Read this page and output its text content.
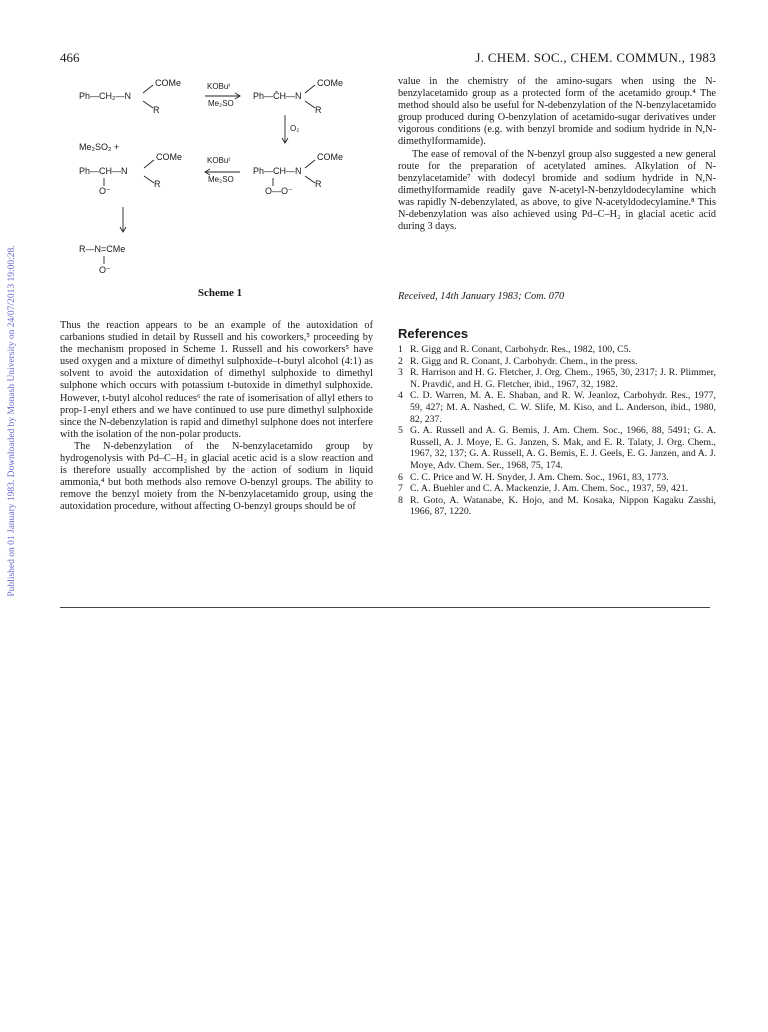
466	J. CHEM. SOC., CHEM. COMMUN., 1983
Published on 01 January 1983. Downloaded by Monash University on 24/07/2013 19:00:28.
COMe
Ph—CH₂—N
R
KOBuᵗ
Me₂SO
COMe
Ph—C̄H—N
R
O₂
Me₂SO₂ +
COMe
Ph—CH—N
R
O⁻
KOBuᵗ
Me₂SO
COMe
Ph—CH—N
R
O—O⁻
R—N=CMe
O⁻
Scheme 1

Thus the reaction appears to be an example of the autoxidation of carbanions studied in detail by Russell and his coworkers,⁵ proceeding by the mechanism proposed in Scheme 1. Russell and his coworkers⁵ have used oxygen and a mixture of dimethyl sulphoxide–t-butyl alcohol (4:1) as solvent to avoid the autoxidation of dimethyl sulphoxide to dimethyl sulphone which occurs with potassium t-butoxide in dimethyl sulphoxide. However, t-butyl alcohol reduces⁶ the rate of isomerisation of allyl ethers to prop-1-enyl ethers and we have continued to use pure dimethyl sulphoxide since the N-debenzylation is rapid and dimethyl sulphone does not interfere with the isolation of the non-polar products.

The N-debenzylation of the N-benzylacetamido group by hydrogenolysis with Pd–C–H₂ in glacial acetic acid is a slow reaction and is therefore usually accomplished by the action of sodium in liquid ammonia,⁴ but both methods also remove O-benzyl groups. The ability to remove the benzyl moiety from the N-benzylacetamido group, using the autoxidation procedure, without affecting O-benzyl groups should be of

value in the chemistry of the amino-sugars when using the N-benzylacetamido group as a protected form of the acetamido group.⁴ The method should also be useful for N-debenzylation of the N-benzylacetamido group produced during O-benzylation of acetamido-sugar derivatives under vigorous conditions (e.g. with benzyl bromide and sodium hydride in N,N-dimethylformamide).

The ease of removal of the N-benzyl group also suggested a new general route for the preparation of acetylated amines. Alkylation of N-benzylacetamide⁷ with dodecyl bromide and sodium hydride in N,N-dimethylformamide readily gave N-acetyl-N-benzyldodecylamine which was rapidly N-debenzylated, as above, to give N-acetyldodecylamine.⁸ This N-debenzylation was also achieved using Pd–C–H₂ in glacial acetic acid during 3 days.

Received, 14th January 1983; Com. 070
References
1 R. Gigg and R. Conant, Carbohydr. Res., 1982, 100, C5.
2 R. Gigg and R. Conant, J. Carbohydr. Chem., in the press.
3 R. Harrison and H. G. Fletcher, J. Org. Chem., 1965, 30, 2317; J. R. Plimmer, N. Pravdić, and H. G. Fletcher, ibid., 1967, 32, 1982.
4 C. D. Warren, M. A. E. Shaban, and R. W. Jeanloz, Carbohydr. Res., 1977, 59, 427; M. A. Nashed, C. W. Slife, M. Kiso, and L. Anderson, ibid., 1980, 82, 237.
5 G. A. Russell and A. G. Bemis, J. Am. Chem. Soc., 1966, 88, 5491; G. A. Russell, A. J. Moye, E. G. Janzen, S. Mak, and E. R. Talaty, J. Org. Chem., 1967, 32, 137; G. A. Russell, A. G. Bemis, E. J. Geels, E. G. Janzen, and A. J. Moye, Adv. Chem. Ser., 1968, 75, 174.
6 C. C. Price and W. H. Snyder, J. Am. Chem. Soc., 1961, 83, 1773.
7 C. A. Buehler and C. A. Mackenzie, J. Am. Chem. Soc., 1937, 59, 421.
8 R. Goto, A. Watanabe, K. Hojo, and M. Kosaka, Nippon Kagaku Zasshi, 1966, 87, 1220.
